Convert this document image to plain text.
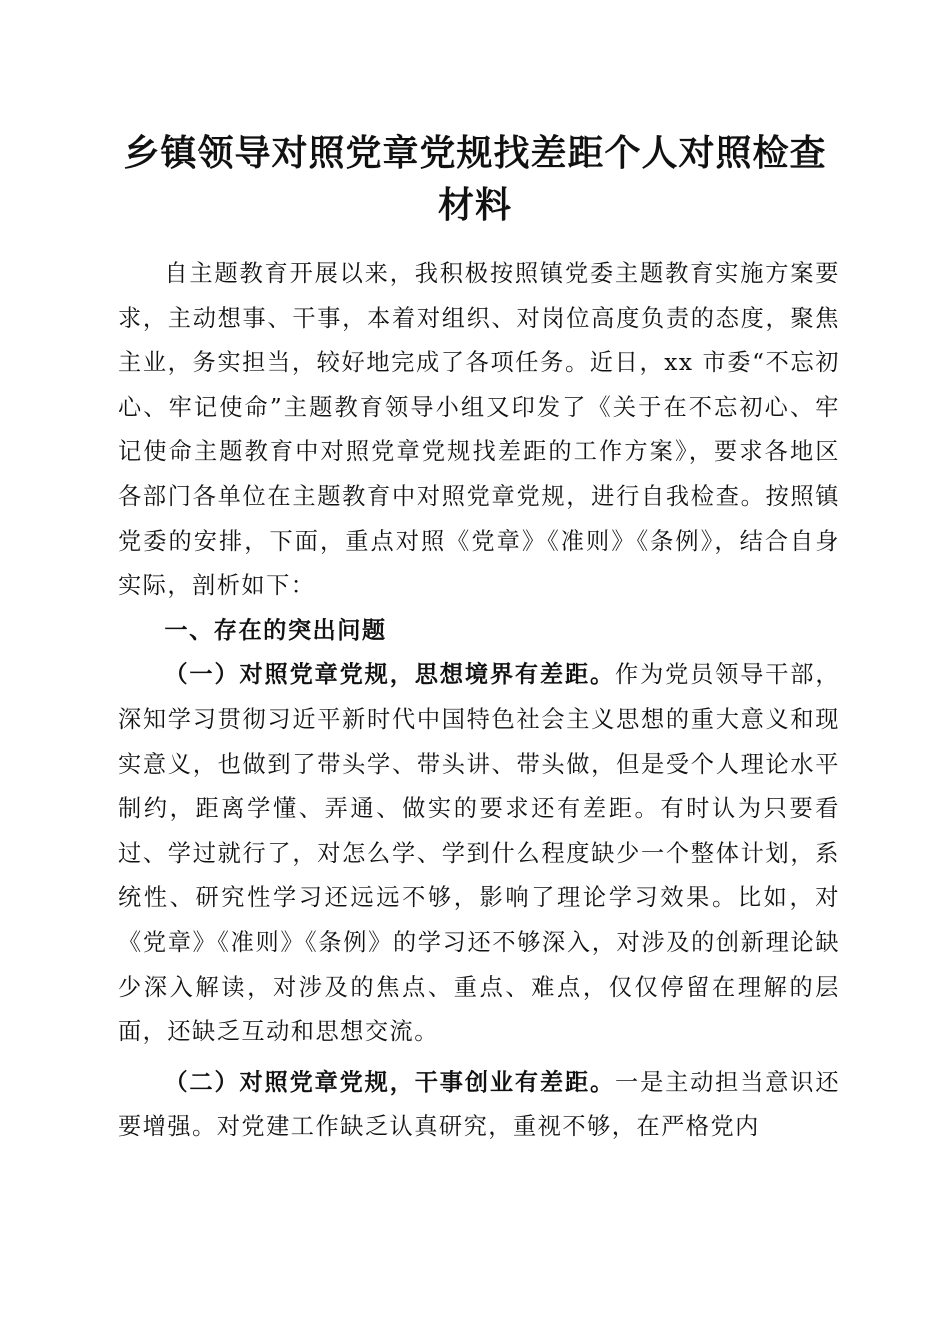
乡镇领导对照党章党规找差距个人对照检查材料

自主题教育开展以来，我积极按照镇党委主题教育实施方案要求，主动想事、干事，本着对组织、对岗位高度负责的态度，聚焦主业，务实担当，较好地完成了各项任务。近日，xx 市委“不忘初心、牢记使命”主题教育领导小组又印发了《关于在不忘初心、牢记使命主题教育中对照党章党规找差距的工作方案》，要求各地区各部门各单位在主题教育中对照党章党规，进行自我检查。按照镇党委的安排，下面，重点对照《党章》《准则》《条例》，结合自身实际，剖析如下：

一、存在的突出问题

（一）对照党章党规，思想境界有差距。作为党员领导干部，深知学习贯彻习近平新时代中国特色社会主义思想的重大意义和现实意义，也做到了带头学、带头讲、带头做，但是受个人理论水平制约，距离学懂、弄通、做实的要求还有差距。有时认为只要看过、学过就行了，对怎么学、学到什么程度缺少一个整体计划，系统性、研究性学习还远远不够，影响了理论学习效果。比如，对《党章》《准则》《条例》的学习还不够深入，对涉及的创新理论缺少深入解读，对涉及的焦点、重点、难点，仅仅停留在理解的层面，还缺乏互动和思想交流。

（二）对照党章党规，干事创业有差距。一是主动担当意识还要增强。对党建工作缺乏认真研究，重视不够，在严格党内
